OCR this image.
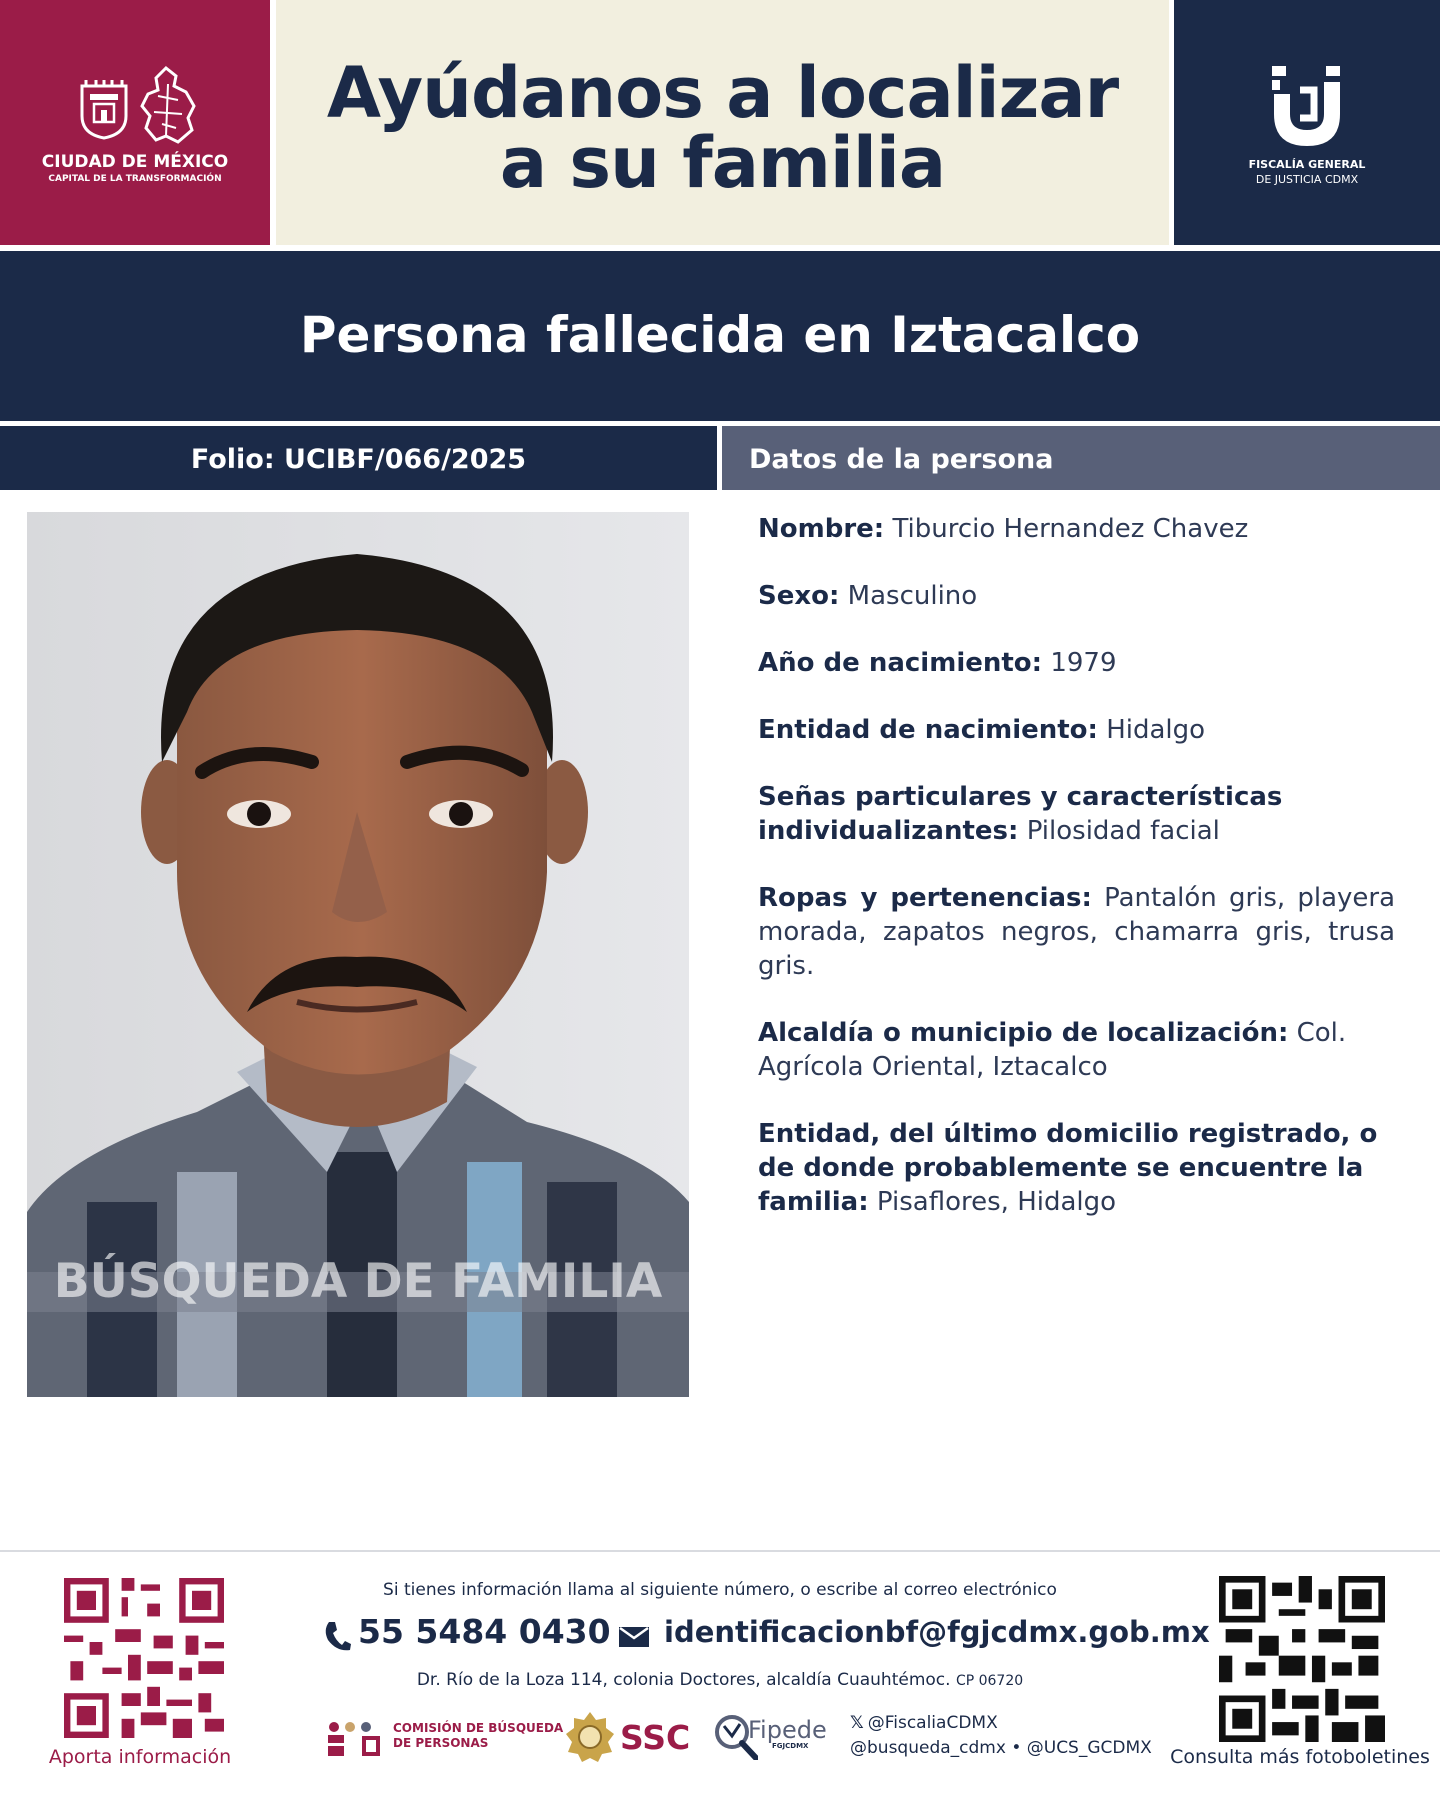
CIUDAD DE MÉXICO
CAPITAL DE LA TRANSFORMACIÓN
Ayúdanos a localizar
a su familia	FISCALÍA GENERAL
DE JUSTICIA CDMX
Persona fallecida en Iztacalco
Folio: UCIBF/066/2025	Datos de la persona
BÚSQUEDA DE FAMILIA
Nombre: Tiburcio Hernandez Chavez
Sexo: Masculino
Año de nacimiento: 1979
Entidad de nacimiento: Hidalgo
Señas particulares y características individualizantes: Pilosidad facial
Ropas y pertenencias: Pantalón gris, playera morada, zapatos negros, chamarra gris, trusa gris.
Alcaldía o municipio de localización: Col. Agrícola Oriental, Iztacalco
Entidad, del último domicilio registrado, o de donde probablemente se encuentre la familia: Pisaflores, Hidalgo
Aporta información
Si tienes información llama al siguiente número, o escribe al correo electrónico
55 5484 0430 identificacionbf@fgjcdmx.gob.mx
Dr. Río de la Loza 114, colonia Doctores, alcaldía Cuauhtémoc. CP 06720
COMISIÓN DE BÚSQUEDA
DE PERSONAS	SSC Fipede
FGJCDMX
𝕏 @FiscaliaCDMX
@busqueda_cdmx • @UCS_GCDMX Consulta más fotoboletines
